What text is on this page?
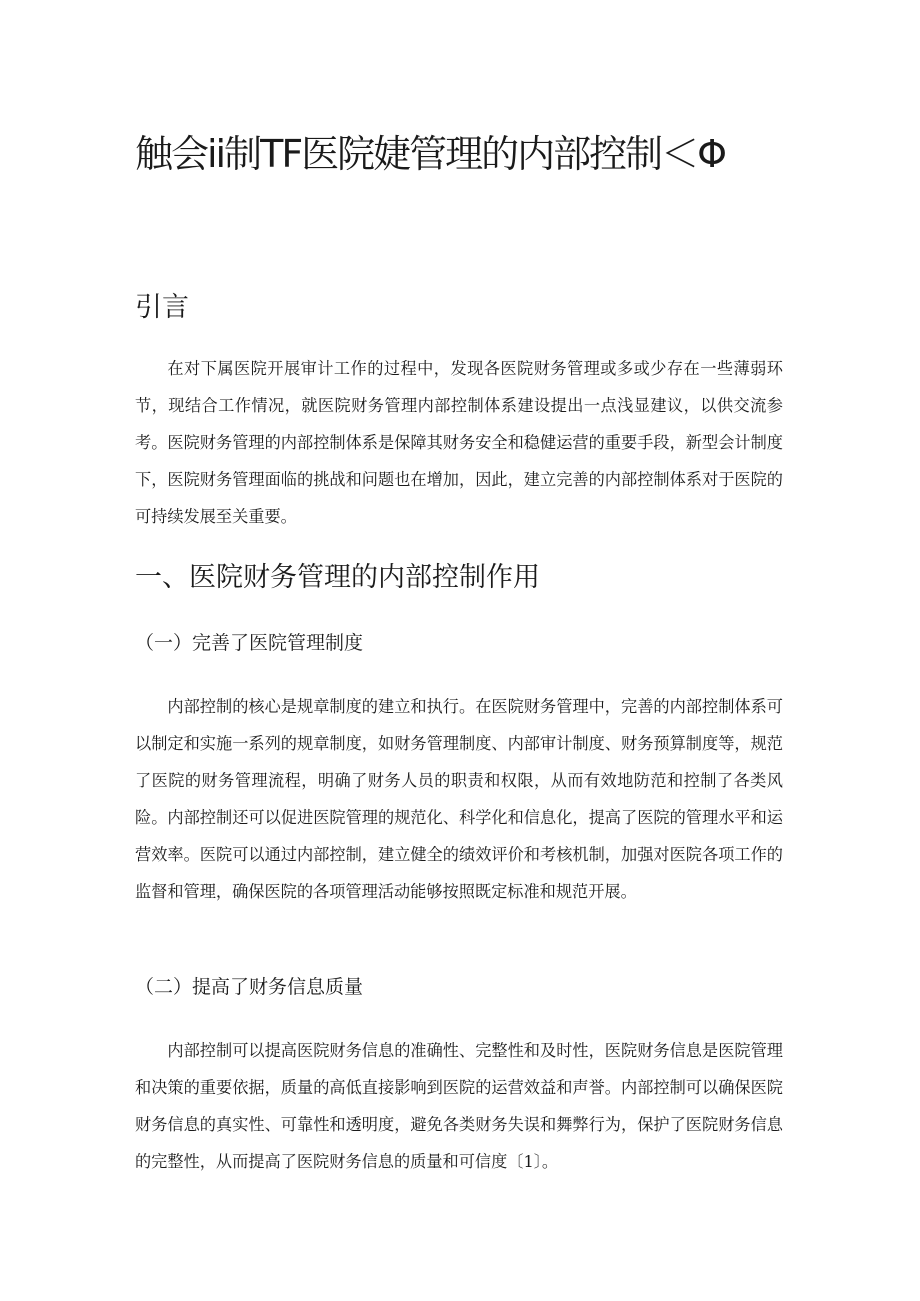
触会ii制TF医院婕管理的内部控制＜Φ
引言

在对下属医院开展审计工作的过程中，发现各医院财务管理或多或少存在一些薄弱环节，现结合工作情况，就医院财务管理内部控制体系建设提出一点浅显建议，以供交流参考。医院财务管理的内部控制体系是保障其财务安全和稳健运营的重要手段，新型会计制度下，医院财务管理面临的挑战和问题也在增加，因此，建立完善的内部控制体系对于医院的可持续发展至关重要。

一、医院财务管理的内部控制作用
（一）完善了医院管理制度

内部控制的核心是规章制度的建立和执行。在医院财务管理中，完善的内部控制体系可以制定和实施一系列的规章制度，如财务管理制度、内部审计制度、财务预算制度等，规范了医院的财务管理流程，明确了财务人员的职责和权限，从而有效地防范和控制了各类风险。内部控制还可以促进医院管理的规范化、科学化和信息化，提高了医院的管理水平和运营效率。医院可以通过内部控制，建立健全的绩效评价和考核机制，加强对医院各项工作的监督和管理，确保医院的各项管理活动能够按照既定标准和规范开展。

（二）提高了财务信息质量

内部控制可以提高医院财务信息的准确性、完整性和及时性，医院财务信息是医院管理和决策的重要依据，质量的高低直接影响到医院的运营效益和声誉。内部控制可以确保医院财务信息的真实性、可靠性和透明度，避免各类财务失误和舞弊行为，保护了医院财务信息的完整性，从而提高了医院财务信息的质量和可信度〔1〕。
